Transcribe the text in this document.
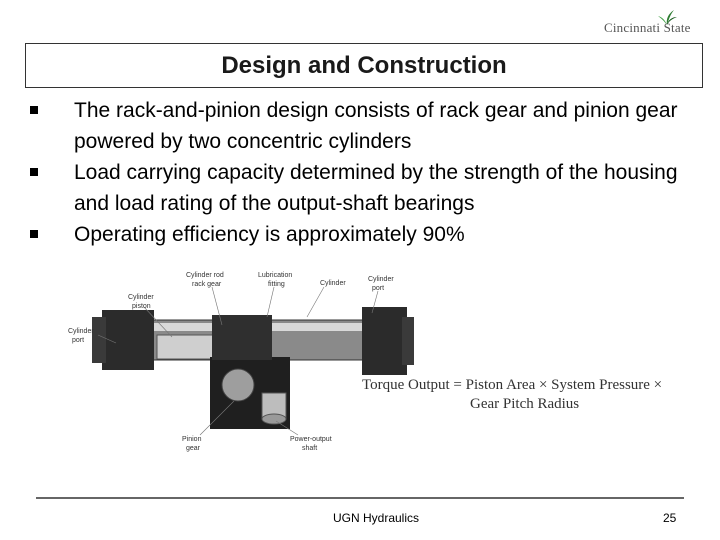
Cincinnati State
Design and Construction
The rack-and-pinion design consists of rack gear and pinion gear powered by two concentric cylinders
Load carrying capacity determined by the strength of the housing and load rating of the output-shaft bearings
Operating efficiency is approximately 90%
Cylinder rod
rack gear
Lubrication
fitting	Cylinder
Cylinder
port
Cylinder
piston
Cylinder
port
Pinion
gear
Power-output
shaft
Torque Output = Piston Area × System Pressure ×
Gear Pitch Radius
UGN Hydraulics	25
